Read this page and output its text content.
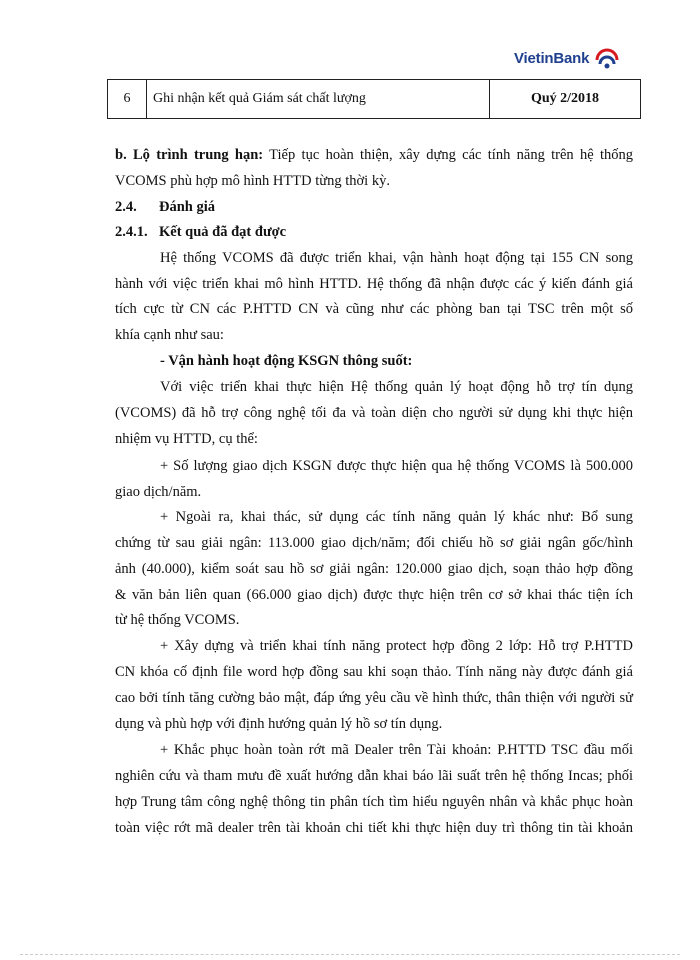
VietinBank
6	Ghi nhận kết quả Giám sát chất lượng	Quý 2/2018
b. Lộ trình trung hạn: Tiếp tục hoàn thiện, xây dựng các tính năng trên hệ thống
VCOMS phù hợp mô hình HTTD từng thời kỳ.
2.4. Đánh giá
2.4.1. Kết quả đã đạt được
Hệ thống VCOMS đã được triển khai, vận hành hoạt động tại 155 CN song
hành với việc triển khai mô hình HTTD. Hệ thống đã nhận được các ý kiến đánh giá
tích cực từ CN các P.HTTD CN và cũng như các phòng ban tại TSC trên một số
khía cạnh như sau:
- Vận hành hoạt động KSGN thông suốt:
Với việc triển khai thực hiện Hệ thống quản lý hoạt động hỗ trợ tín dụng
(VCOMS) đã hỗ trợ công nghệ tối đa và toàn diện cho người sử dụng khi thực hiện
nhiệm vụ HTTD, cụ thể:
+ Số lượng giao dịch KSGN được thực hiện qua hệ thống VCOMS là 500.000
giao dịch/năm.
+ Ngoài ra, khai thác, sử dụng các tính năng quản lý khác như: Bổ sung
chứng từ sau giải ngân: 113.000 giao dịch/năm; đối chiếu hồ sơ giải ngân gốc/hình
ảnh (40.000), kiểm soát sau hồ sơ giải ngân: 120.000 giao dịch, soạn thảo hợp đồng
& văn bản liên quan (66.000 giao dịch) được thực hiện trên cơ sở khai thác tiện ích
từ hệ thống VCOMS.
+ Xây dựng và triển khai tính năng protect hợp đồng 2 lớp: Hỗ trợ P.HTTD
CN khóa cố định file word hợp đồng sau khi soạn thảo. Tính năng này được đánh giá
cao bởi tính tăng cường bảo mật, đáp ứng yêu cầu về hình thức, thân thiện với người sử
dụng và phù hợp với định hướng quản lý hồ sơ tín dụng.
+ Khắc phục hoàn toàn rớt mã Dealer trên Tài khoản: P.HTTD TSC đầu mối
nghiên cứu và tham mưu đề xuất hướng dẫn khai báo lãi suất trên hệ thống Incas; phối
hợp Trung tâm công nghệ thông tin phân tích tìm hiểu nguyên nhân và khắc phục hoàn
toàn việc rớt mã dealer trên tài khoản chi tiết khi thực hiện duy trì thông tin tài khoản
